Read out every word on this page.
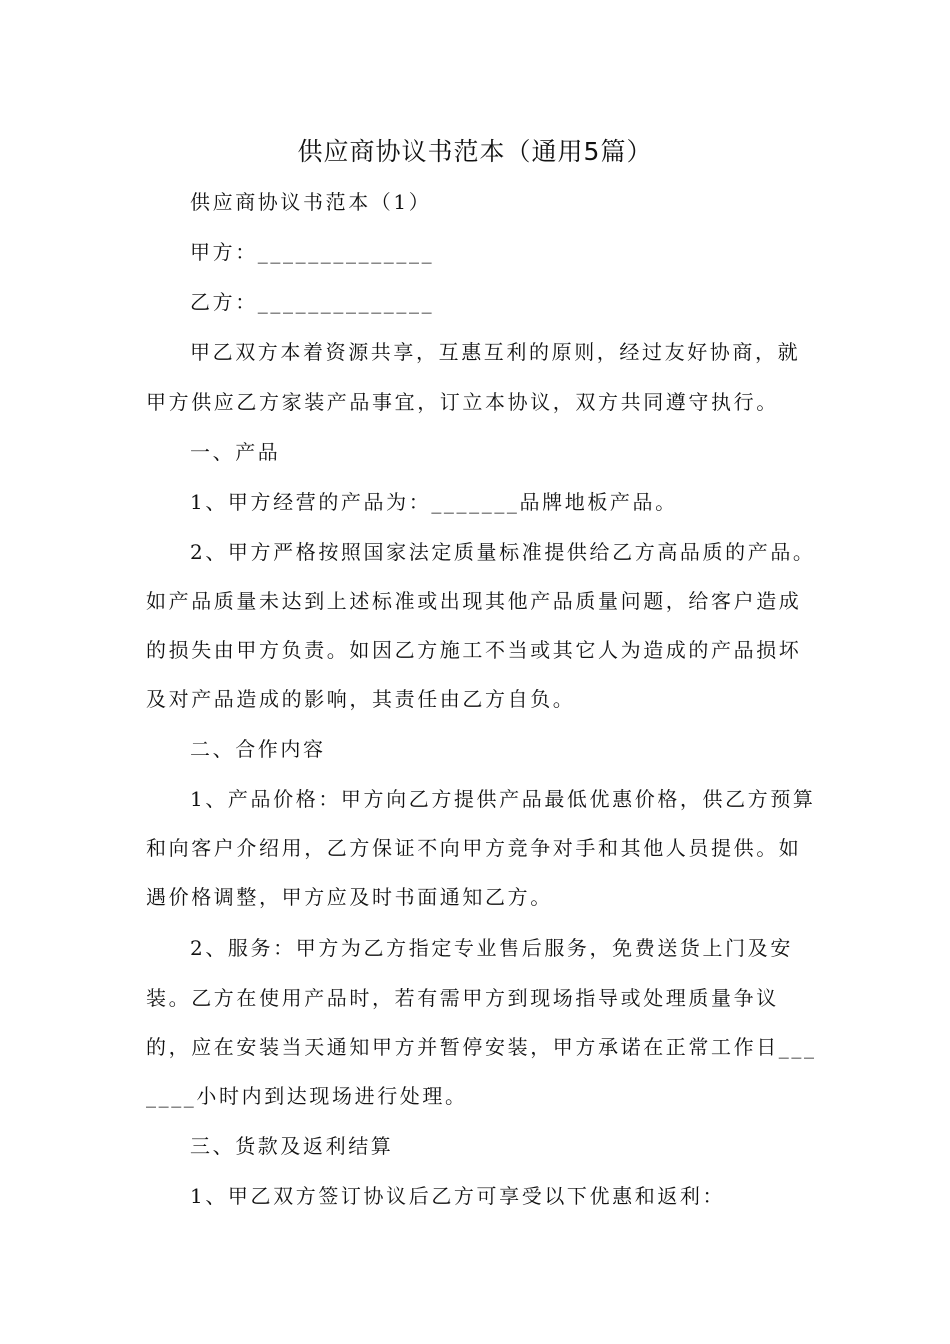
供应商协议书范本（通用5篇）
供应商协议书范本（1）
甲方：______________
乙方：______________
甲乙双方本着资源共享，互惠互利的原则，经过友好协商，就
甲方供应乙方家装产品事宜，订立本协议，双方共同遵守执行。
一、产品
1、甲方经营的产品为：_______品牌地板产品。
2、甲方严格按照国家法定质量标准提供给乙方高品质的产品。
如产品质量未达到上述标准或出现其他产品质量问题，给客户造成
的损失由甲方负责。如因乙方施工不当或其它人为造成的产品损坏
及对产品造成的影响，其责任由乙方自负。
二、合作内容
1、产品价格：甲方向乙方提供产品最低优惠价格，供乙方预算
和向客户介绍用，乙方保证不向甲方竞争对手和其他人员提供。如
遇价格调整，甲方应及时书面通知乙方。
2、服务：甲方为乙方指定专业售后服务，免费送货上门及安
装。乙方在使用产品时，若有需甲方到现场指导或处理质量争议
的，应在安装当天通知甲方并暂停安装，甲方承诺在正常工作日___
____小时内到达现场进行处理。
三、货款及返利结算
1、甲乙双方签订协议后乙方可享受以下优惠和返利：
